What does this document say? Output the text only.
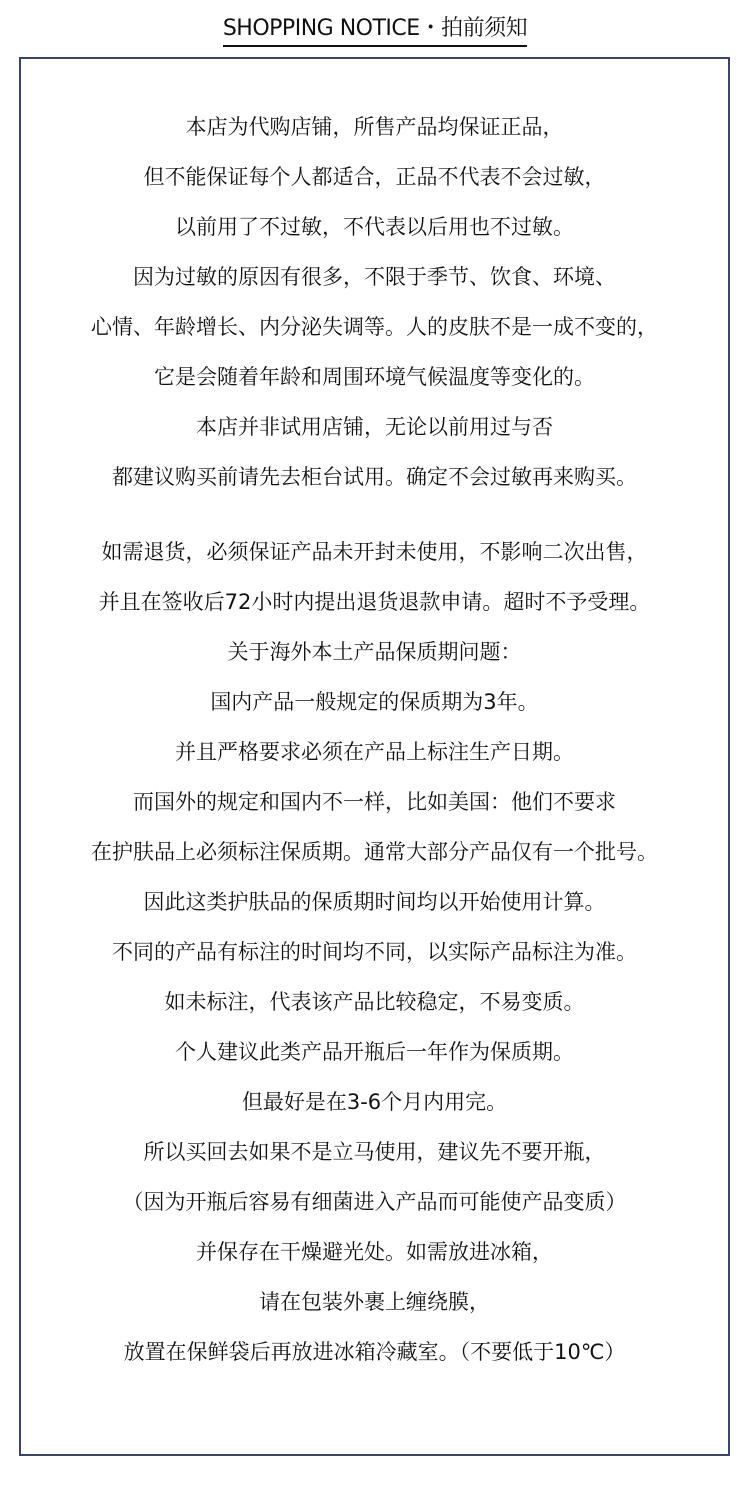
SHOPPING NOTICE・拍前须知
本店为代购店铺，所售产品均保证正品，
但不能保证每个人都适合，正品不代表不会过敏，
以前用了不过敏，不代表以后用也不过敏。
因为过敏的原因有很多，不限于季节、饮食、环境、
心情、年龄增长、内分泌失调等。人的皮肤不是一成不变的，
它是会随着年龄和周围环境气候温度等变化的。
本店并非试用店铺，无论以前用过与否
都建议购买前请先去柜台试用。确定不会过敏再来购买。
如需退货，必须保证产品未开封未使用，不影响二次出售，
并且在签收后72小时内提出退货退款申请。超时不予受理。
关于海外本土产品保质期问题：
国内产品一般规定的保质期为3年。
并且严格要求必须在产品上标注生产日期。
而国外的规定和国内不一样，比如美国：他们不要求
在护肤品上必须标注保质期。通常大部分产品仅有一个批号。
因此这类护肤品的保质期时间均以开始使用计算。
不同的产品有标注的时间均不同，以实际产品标注为准。
如未标注，代表该产品比较稳定，不易变质。
个人建议此类产品开瓶后一年作为保质期。
但最好是在3-6个月内用完。
所以买回去如果不是立马使用，建议先不要开瓶，
（因为开瓶后容易有细菌进入产品而可能使产品变质）
并保存在干燥避光处。如需放进冰箱，
请在包装外裹上缠绕膜，
放置在保鲜袋后再放进冰箱冷藏室。（不要低于10℃）
